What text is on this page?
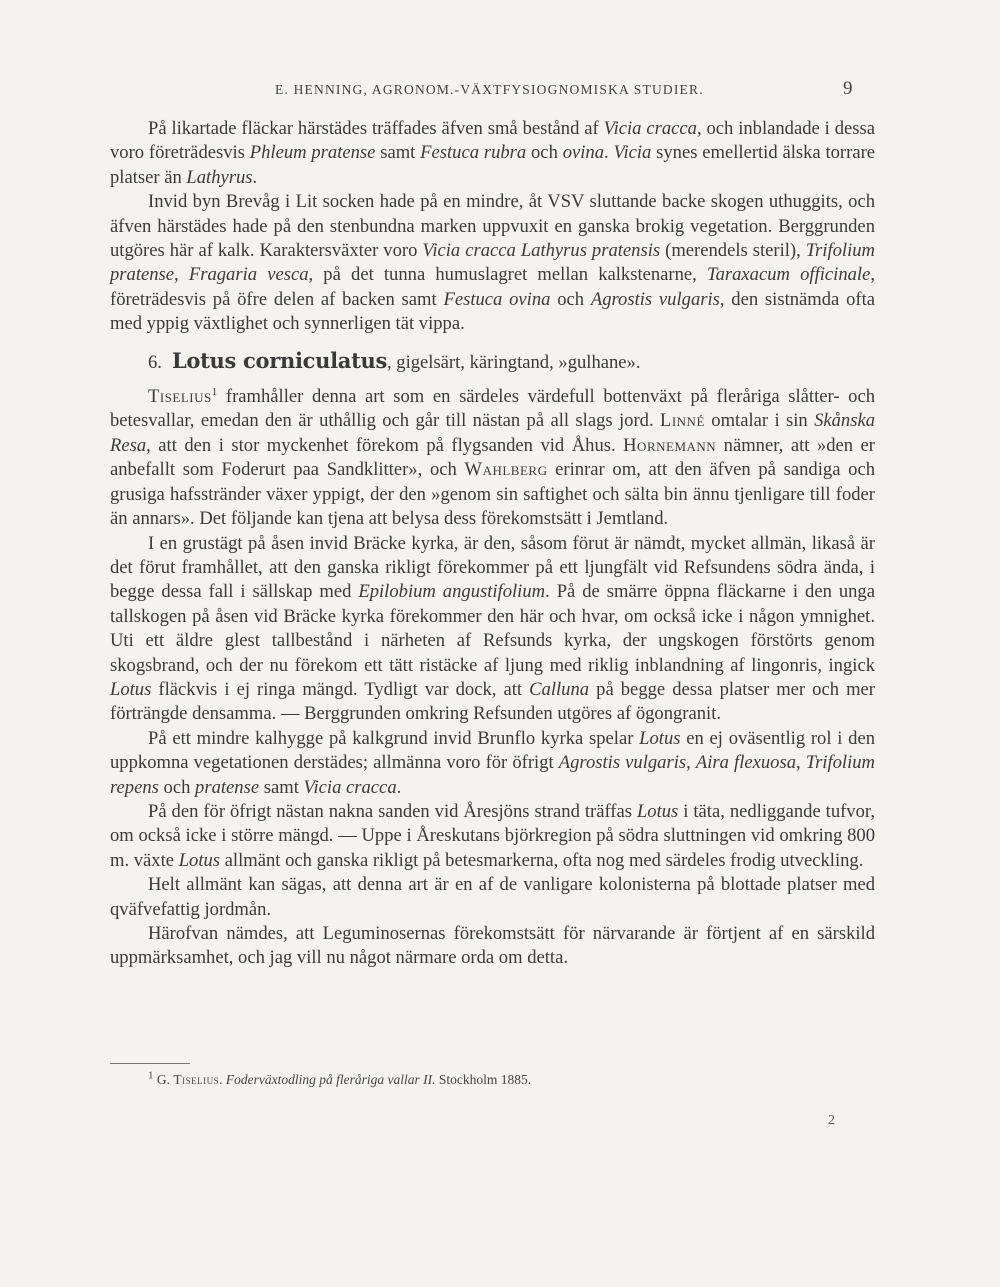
E. HENNING, AGRONOM.-VÄXTFYSIOGNOMISKA STUDIER.	9

På likartade fläckar härstädes träffades äfven små bestånd af Vicia cracca, och inblandade i dessa voro företrädesvis Phleum pratense samt Festuca rubra och ovina. Vicia synes emellertid älska torrare platser än Lathyrus.

Invid byn Brevåg i Lit socken hade på en mindre, åt VSV sluttande backe skogen uthuggits, och äfven härstädes hade på den stenbundna marken uppvuxit en ganska brokig vegetation. Berggrunden utgöres här af kalk. Karaktersväxter voro Vicia cracca Lathyrus pratensis (merendels steril), Trifolium pratense, Fragaria vesca, på det tunna humuslagret mellan kalkstenarne, Taraxacum officinale, företrädesvis på öfre delen af backen samt Festuca ovina och Agrostis vulgaris, den sistnämda ofta med yppig växtlighet och synnerligen tät vippa.

6. Lotus corniculatus, gigelsärt, käringtand, »gulhane».

Tiselius$^1$ framhåller denna art som en särdeles värdefull bottenväxt på fleråriga slåtter- och betesvallar, emedan den är uthållig och går till nästan på all slags jord. Linné omtalar i sin Skånska Resa, att den i stor myckenhet förekom på flygsanden vid Åhus. Hornemann nämner, att »den er anbefallt som Foderurt paa Sandklitter», och Wahlberg erinrar om, att den äfven på sandiga och grusiga hafsstränder växer yppigt, der den »genom sin saftighet och sälta bin ännu tjenligare till foder än annars». Det följande kan tjena att belysa dess förekomstsätt i Jemtland.

I en grustägt på åsen invid Bräcke kyrka, är den, såsom förut är nämdt, mycket allmän, likaså är det förut framhållet, att den ganska rikligt förekommer på ett ljungfält vid Refsundens södra ända, i begge dessa fall i sällskap med Epilobium angustifolium. På de smärre öppna fläckarne i den unga tallskogen på åsen vid Bräcke kyrka förekommer den här och hvar, om också icke i någon ymnighet. Uti ett äldre glest tallbestånd i närheten af Refsunds kyrka, der ungskogen förstörts genom skogsbrand, och der nu förekom ett tätt ristäcke af ljung med riklig inblandning af lingonris, ingick Lotus fläckvis i ej ringa mängd. Tydligt var dock, att Calluna på begge dessa platser mer och mer förträngde densamma. — Berggrunden omkring Refsunden utgöres af ögongranit.

På ett mindre kalhygge på kalkgrund invid Brunflo kyrka spelar Lotus en ej oväsentlig rol i den uppkomna vegetationen derstädes; allmänna voro för öfrigt Agrostis vulgaris, Aira flexuosa, Trifolium repens och pratense samt Vicia cracca.

På den för öfrigt nästan nakna sanden vid Åresjöns strand träffas Lotus i täta, nedliggande tufvor, om också icke i större mängd. — Uppe i Åreskutans björkregion på södra sluttningen vid omkring 800 m. växte Lotus allmänt och ganska rikligt på betesmarkerna, ofta nog med särdeles frodig utveckling.

Helt allmänt kan sägas, att denna art är en af de vanligare kolonisterna på blottade platser med qväfvefattig jordmån.

Härofvan nämdes, att Leguminosernas förekomstsätt för närvarande är förtjent af en särskild uppmärksamhet, och jag vill nu något närmare orda om detta.

$^1$ G. Tiselius. Foderväxtodling på fleråriga vallar II. Stockholm 1885.
2
